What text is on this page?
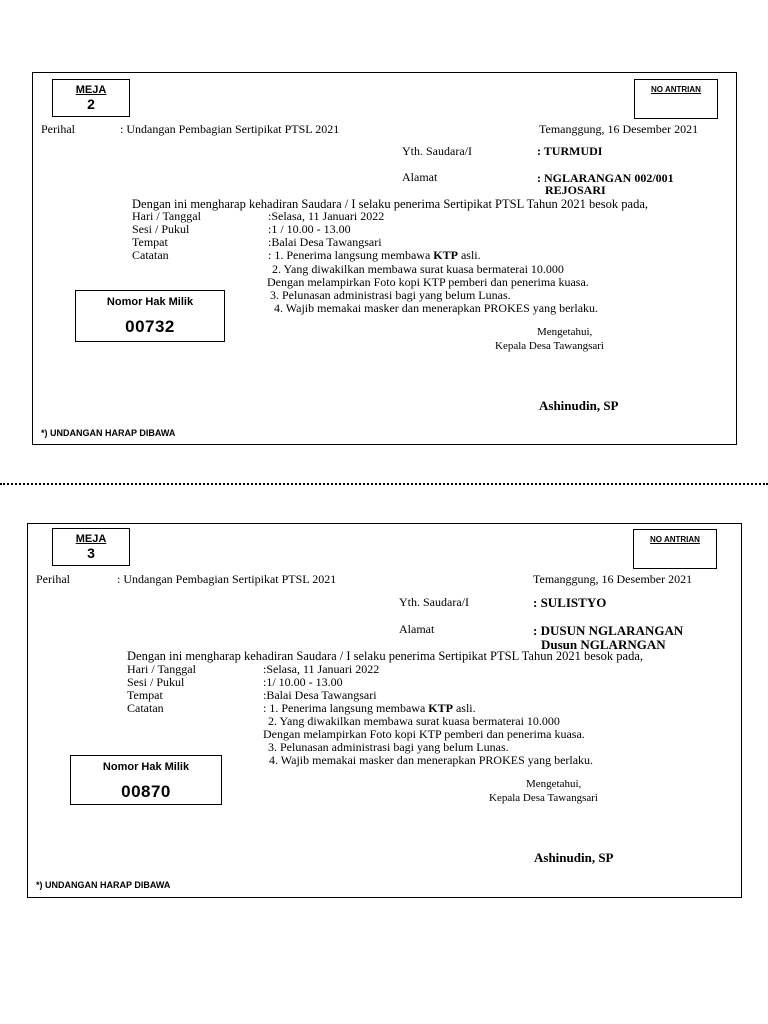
MEJA
2
NO ANTRIAN
Perihal	: Undangan Pembagian Sertipikat PTSL 2021	Temanggung, 16 Desember 2021
Yth. Saudara/I	: TURMUDI
Alamat	: NGLARANGAN 002/001
REJOSARI
Dengan ini mengharap kehadiran Saudara / I selaku penerima Sertipikat PTSL Tahun 2021 besok pada,
Hari / Tanggal	:Selasa, 11 Januari 2022
Sesi / Pukul	:1 / 10.00 - 13.00
Tempat	:Balai Desa Tawangsari
Catatan	: 1. Penerima langsung membawa KTP asli.
2. Yang diwakilkan membawa surat kuasa bermaterai 10.000
Dengan melampirkan Foto kopi KTP pemberi dan penerima kuasa.
3. Pelunasan administrasi bagi yang belum Lunas.
4. Wajib memakai masker dan menerapkan PROKES yang berlaku.
Nomor Hak Milik
00732	Mengetahui,
Kepala Desa Tawangsari
Ashinudin, SP
*) UNDANGAN HARAP DIBAWA
MEJA
3
NO ANTRIAN
Perihal	: Undangan Pembagian Sertipikat PTSL 2021	Temanggung, 16 Desember 2021
Yth. Saudara/I	: SULISTYO
Alamat	: DUSUN NGLARANGAN
Dusun NGLARNGAN
Dengan ini mengharap kehadiran Saudara / I selaku penerima Sertipikat PTSL Tahun 2021 besok pada,
Hari / Tanggal	:Selasa, 11 Januari 2022
Sesi / Pukul	:1/ 10.00 - 13.00
Tempat	:Balai Desa Tawangsari
Catatan	: 1. Penerima langsung membawa KTP asli.
2. Yang diwakilkan membawa surat kuasa bermaterai 10.000
Dengan melampirkan Foto kopi KTP pemberi dan penerima kuasa.
3. Pelunasan administrasi bagi yang belum Lunas.
4. Wajib memakai masker dan menerapkan PROKES yang berlaku.
Nomor Hak Milik
00870	Mengetahui,
Kepala Desa Tawangsari
Ashinudin, SP
*) UNDANGAN HARAP DIBAWA
